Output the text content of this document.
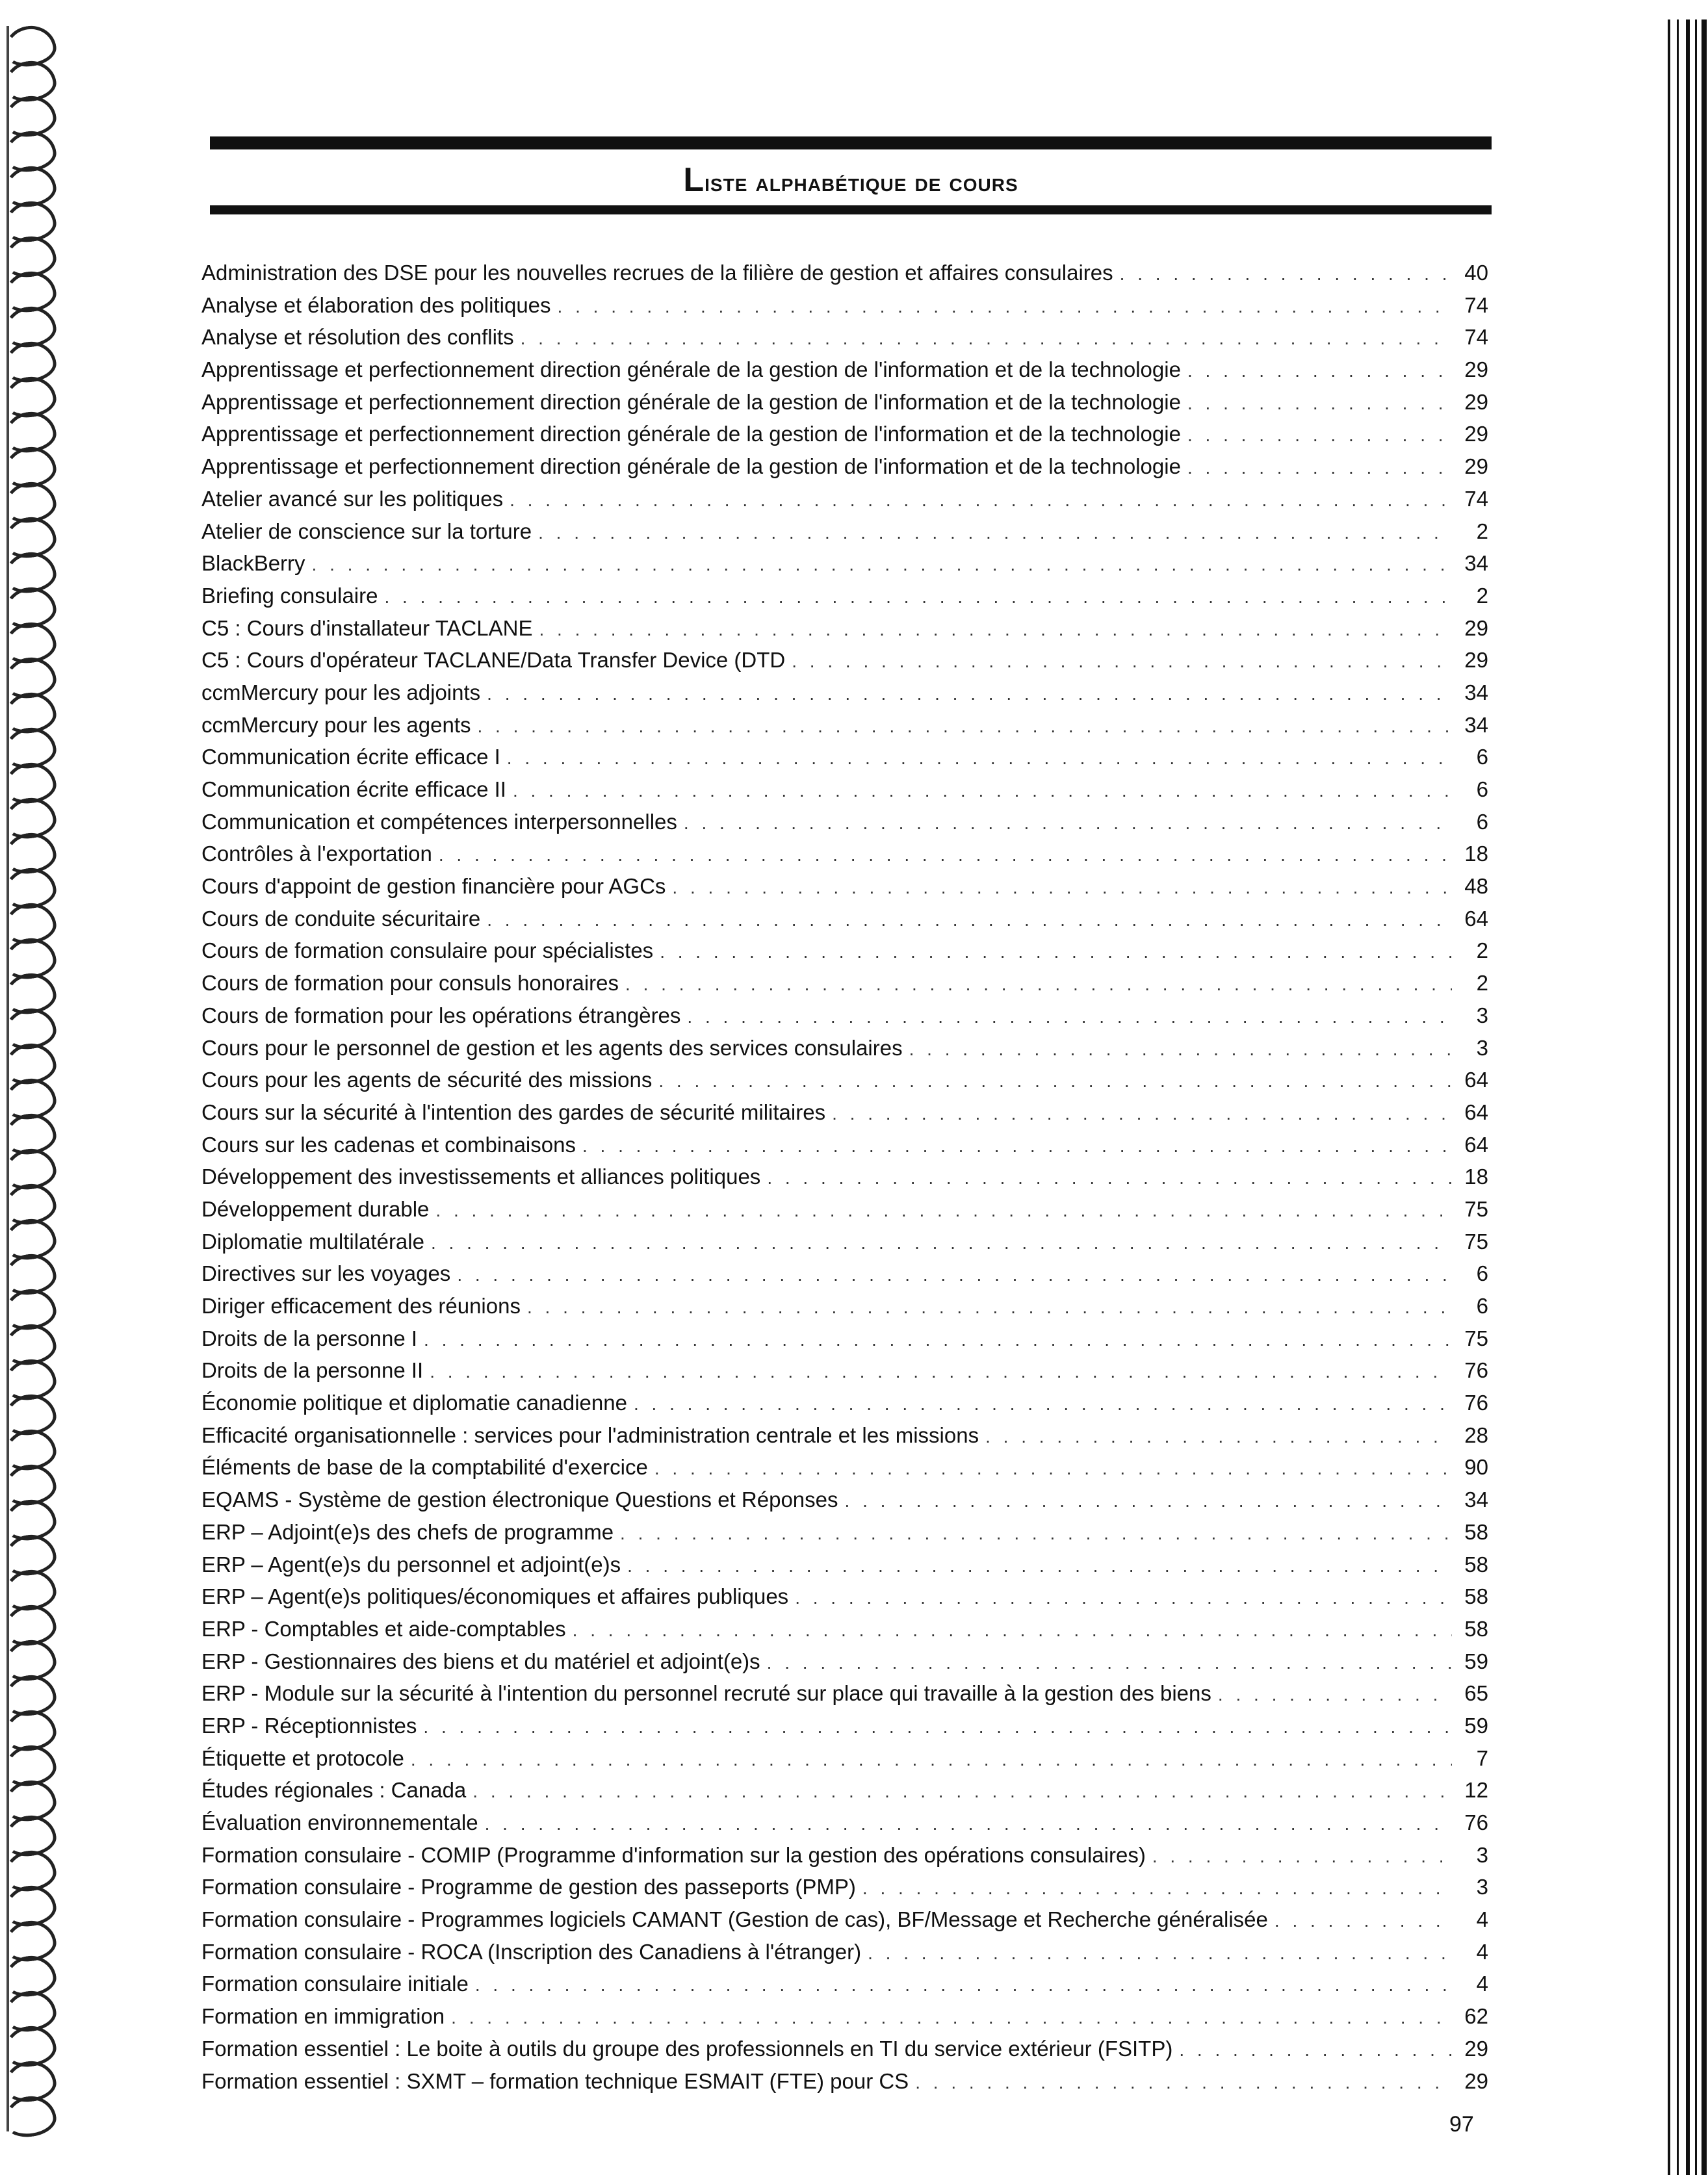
Liste alphabétique de cours
Administration des DSE pour les nouvelles recrues de la filière de gestion et affaires consulaires . . .	40
Analyse et élaboration des politiques . . .	74
Analyse et résolution des conflits . . .	74
Apprentissage et perfectionnement direction générale de la gestion de l'information et de la technologie . . .	29
Apprentissage et perfectionnement direction générale de la gestion de l'information et de la technologie . . .	29
Apprentissage et perfectionnement direction générale de la gestion de l'information et de la technologie . . .	29
Apprentissage et perfectionnement direction générale de la gestion de l'information et de la technologie . . .	29
Atelier avancé sur les politiques . . .	74
Atelier de conscience sur la torture . . .	2
BlackBerry . . .	34
Briefing consulaire . . .	2
C5 : Cours d'installateur TACLANE . . .	29
C5 : Cours d'opérateur TACLANE/Data Transfer Device (DTD . . .	29
ccmMercury pour les adjoints . . .	34
ccmMercury pour les agents . . .	34
Communication écrite efficace I . . .	6
Communication écrite efficace II . . .	6
Communication et compétences interpersonnelles . . .	6
Contrôles à l'exportation . . .	18
Cours d'appoint de gestion financière pour AGCs . . .	48
Cours de conduite sécuritaire . . .	64
Cours de formation consulaire pour spécialistes . . .	2
Cours de formation pour consuls honoraires . . .	2
Cours de formation pour les opérations étrangères . . .	3
Cours pour le personnel de gestion et les agents des services consulaires . . .	3
Cours pour les agents de sécurité des missions . . .	64
Cours sur la sécurité à l'intention des gardes de sécurité militaires . . .	64
Cours sur les cadenas et combinaisons . . .	64
Développement des investissements et alliances politiques . . .	18
Développement durable . . .	75
Diplomatie multilatérale . . .	75
Directives sur les voyages . . .	6
Diriger efficacement des réunions . . .	6
Droits de la personne I . . .	75
Droits de la personne II . . .	76
Économie politique et diplomatie canadienne . . .	76
Efficacité organisationnelle : services pour l'administration centrale et les missions . . .	28
Éléments de base de la comptabilité d'exercice . . .	90
EQAMS - Système de gestion électronique Questions et Réponses . . .	34
ERP – Adjoint(e)s des chefs de programme . . .	58
ERP – Agent(e)s du personnel et adjoint(e)s . . .	58
ERP – Agent(e)s politiques/économiques et affaires publiques . . .	58
ERP - Comptables et aide-comptables . . .	58
ERP - Gestionnaires des biens et du matériel et adjoint(e)s . . .	59
ERP - Module sur la sécurité à l'intention du personnel recruté sur place qui travaille à la gestion des biens . . .	65
ERP - Réceptionnistes . . .	59
Étiquette et protocole . . .	7
Études régionales : Canada . . .	12
Évaluation environnementale . . .	76
Formation consulaire - COMIP (Programme d'information sur la gestion des opérations consulaires) . . .	3
Formation consulaire - Programme de gestion des passeports (PMP) . . .	3
Formation consulaire - Programmes logiciels CAMANT (Gestion de cas), BF/Message et Recherche généralisée . . .	4
Formation consulaire - ROCA (Inscription des Canadiens à l'étranger) . . .	4
Formation consulaire initiale . . .	4
Formation en immigration . . .	62
Formation essentiel : Le boite à outils du groupe des professionnels en TI du service extérieur (FSITP) . . .	29
Formation essentiel : SXMT – formation technique ESMAIT (FTE) pour CS . . .	29
97
